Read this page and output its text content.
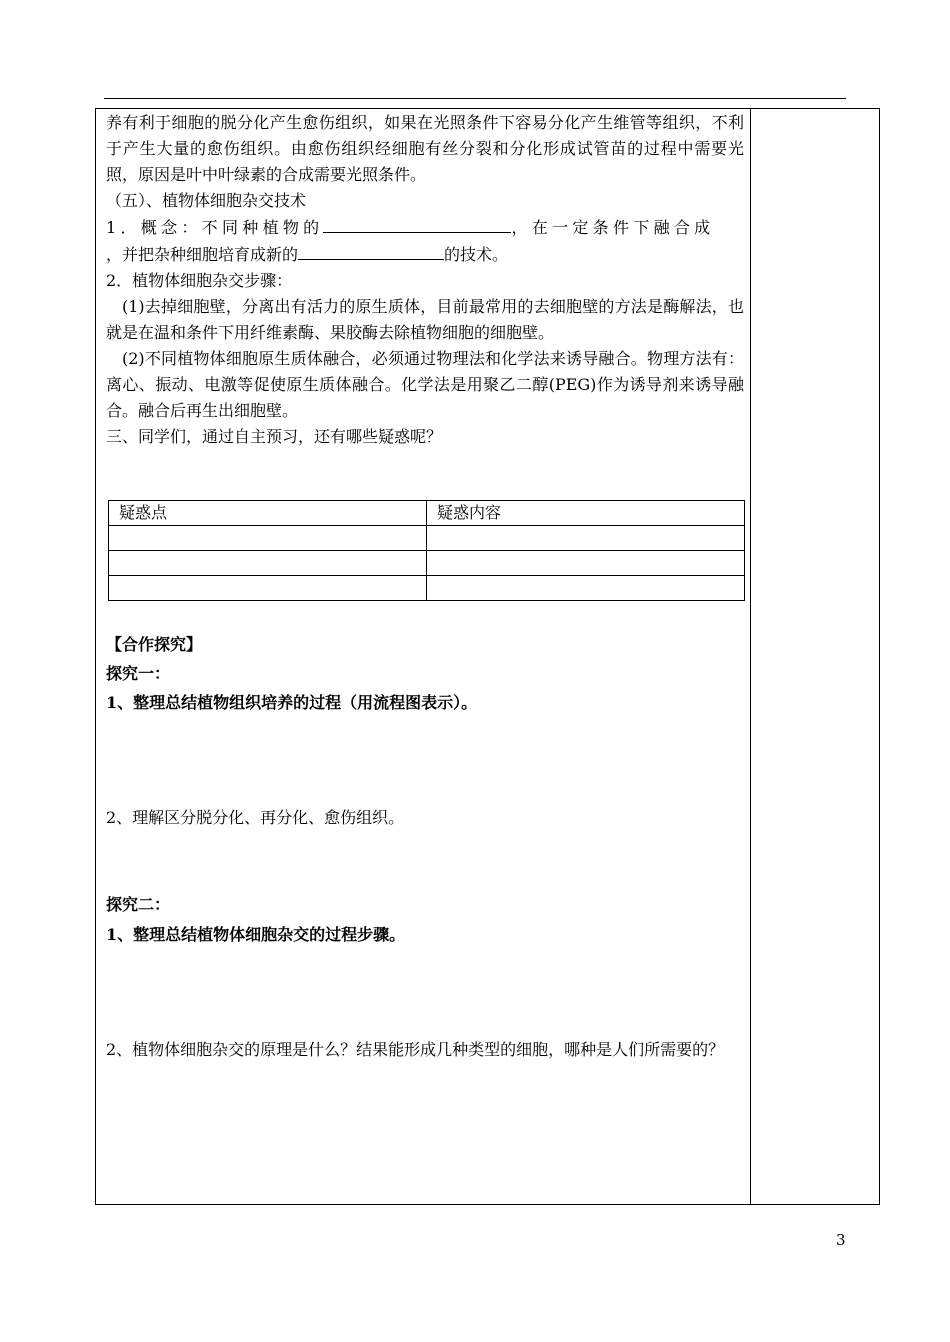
养有利于细胞的脱分化产生愈伤组织，如果在光照条件下容易分化产生维管等组织，不利于产生大量的愈伤组织。由愈伤组织经细胞有丝分裂和分化形成试管苗的过程中需要光照，原因是叶中叶绿素的合成需要光照条件。

（五）、植物体细胞杂交技术

1．概念：不同种植物的	，在一定条件下融合成

，并把杂种细胞培育成新的	的技术。

2．植物体细胞杂交步骤：

(1)去掉细胞壁，分离出有活力的原生质体，目前最常用的去细胞壁的方法是酶解法，也就是在温和条件下用纤维素酶、果胶酶去除植物细胞的细胞壁。

(2)不同植物体细胞原生质体融合，必须通过物理法和化学法来诱导融合。物理方法有：离心、振动、电激等促使原生质体融合。化学法是用聚乙二醇(PEG)作为诱导剂来诱导融合。融合后再生出细胞壁。

三、同学们，通过自主预习，还有哪些疑惑呢？

疑惑点	疑惑内容

【合作探究】
探究一：
1、整理总结植物组织培养的过程（用流程图表示）。
2、理解区分脱分化、再分化、愈伤组织。
探究二：
1、整理总结植物体细胞杂交的过程步骤。
2、植物体细胞杂交的原理是什么？结果能形成几种类型的细胞，哪种是人们所需要的？
3
